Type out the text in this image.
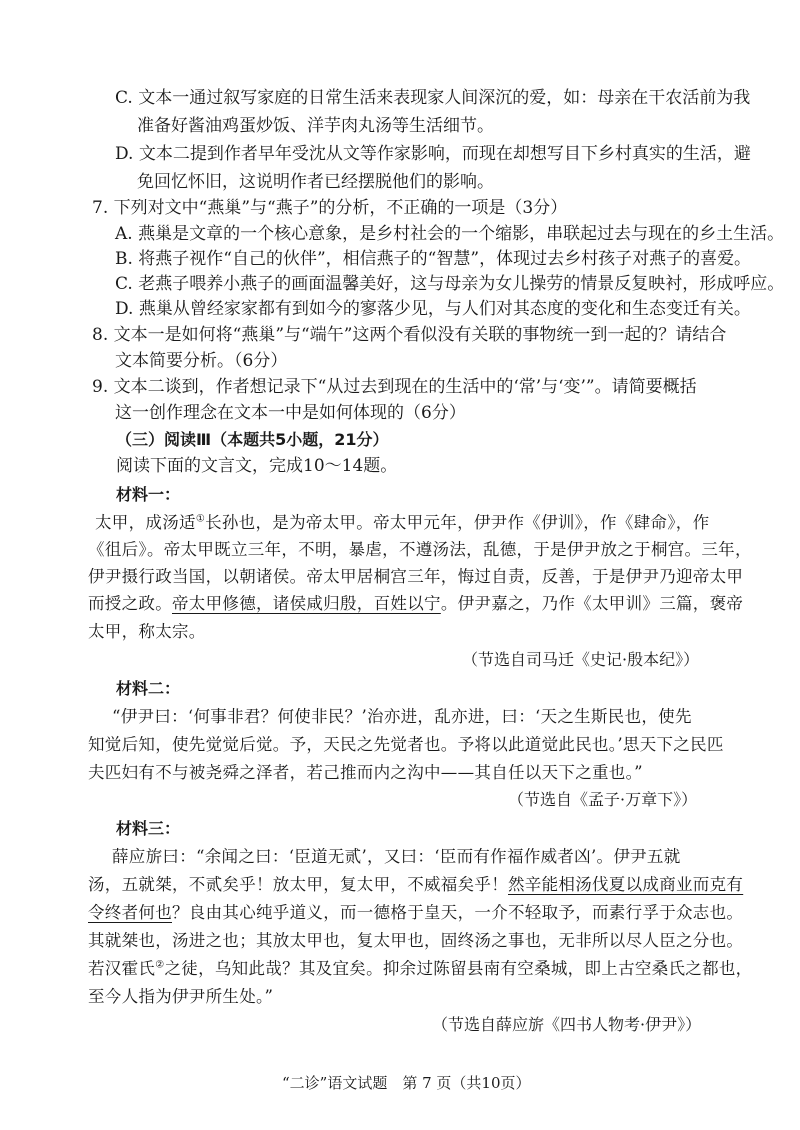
C. 文本一通过叙写家庭的日常生活来表现家人间深沉的爱，如：母亲在干农活前为我
准备好酱油鸡蛋炒饭、洋芋肉丸汤等生活细节。
D. 文本二提到作者早年受沈从文等作家影响，而现在却想写目下乡村真实的生活，避
免回忆怀旧，这说明作者已经摆脱他们的影响。
7. 下列对文中“燕巢”与“燕子”的分析，不正确的一项是（3分）
A. 燕巢是文章的一个核心意象，是乡村社会的一个缩影，串联起过去与现在的乡土生活。
B. 将燕子视作“自己的伙伴”，相信燕子的“智慧”，体现过去乡村孩子对燕子的喜爱。
C. 老燕子喂养小燕子的画面温馨美好，这与母亲为女儿操劳的情景反复映衬，形成呼应。
D. 燕巢从曾经家家都有到如今的寥落少见，与人们对其态度的变化和生态变迁有关。
8. 文本一是如何将“燕巢”与“端午”这两个看似没有关联的事物统一到一起的？请结合
文本简要分析。（6分）
9. 文本二谈到，作者想记录下“从过去到现在的生活中的‘常’与‘变’”。请简要概括
这一创作理念在文本一中是如何体现的（6分）
（三）阅读Ⅲ（本题共5小题，21分）
阅读下面的文言文，完成10～14题。
材料一：
太甲，成汤适①长孙也，是为帝太甲。帝太甲元年，伊尹作《伊训》，作《肆命》，作
《徂后》。帝太甲既立三年，不明，暴虐，不遵汤法，乱德，于是伊尹放之于桐宫。三年，
伊尹摄行政当国，以朝诸侯。帝太甲居桐宫三年，悔过自责，反善，于是伊尹乃迎帝太甲
而授之政。帝太甲修德，诸侯咸归殷，百姓以宁。伊尹嘉之，乃作《太甲训》三篇，褒帝
太甲，称太宗。
（节选自司马迁《史记·殷本纪》）
材料二：
“伊尹曰：‘何事非君？何使非民？’治亦进，乱亦进，曰：‘天之生斯民也，使先
知觉后知，使先觉觉后觉。予，天民之先觉者也。予将以此道觉此民也。’思天下之民匹
夫匹妇有不与被尧舜之泽者，若己推而内之沟中——其自任以天下之重也。”
（节选自《孟子·万章下》）
材料三：
薛应旂曰：“余闻之曰：‘臣道无贰’，又曰：‘臣而有作福作威者凶’。伊尹五就
汤，五就桀，不贰矣乎！放太甲，复太甲，不威福矣乎！然辛能相汤伐夏以成商业而克有
令终者何也？良由其心纯乎道义，而一德格于皇天，一介不轻取予，而素行孚于众志也。
其就桀也，汤进之也；其放太甲也，复太甲也，固终汤之事也，无非所以尽人臣之分也。
若汉霍氏②之徒，乌知此哉？其及宜矣。抑余过陈留县南有空桑城，即上古空桑氏之都也，
至今人指为伊尹所生处。”
（节选自薛应旂《四书人物考·伊尹》）
“二诊”语文试题　第 7 页（共10页）
